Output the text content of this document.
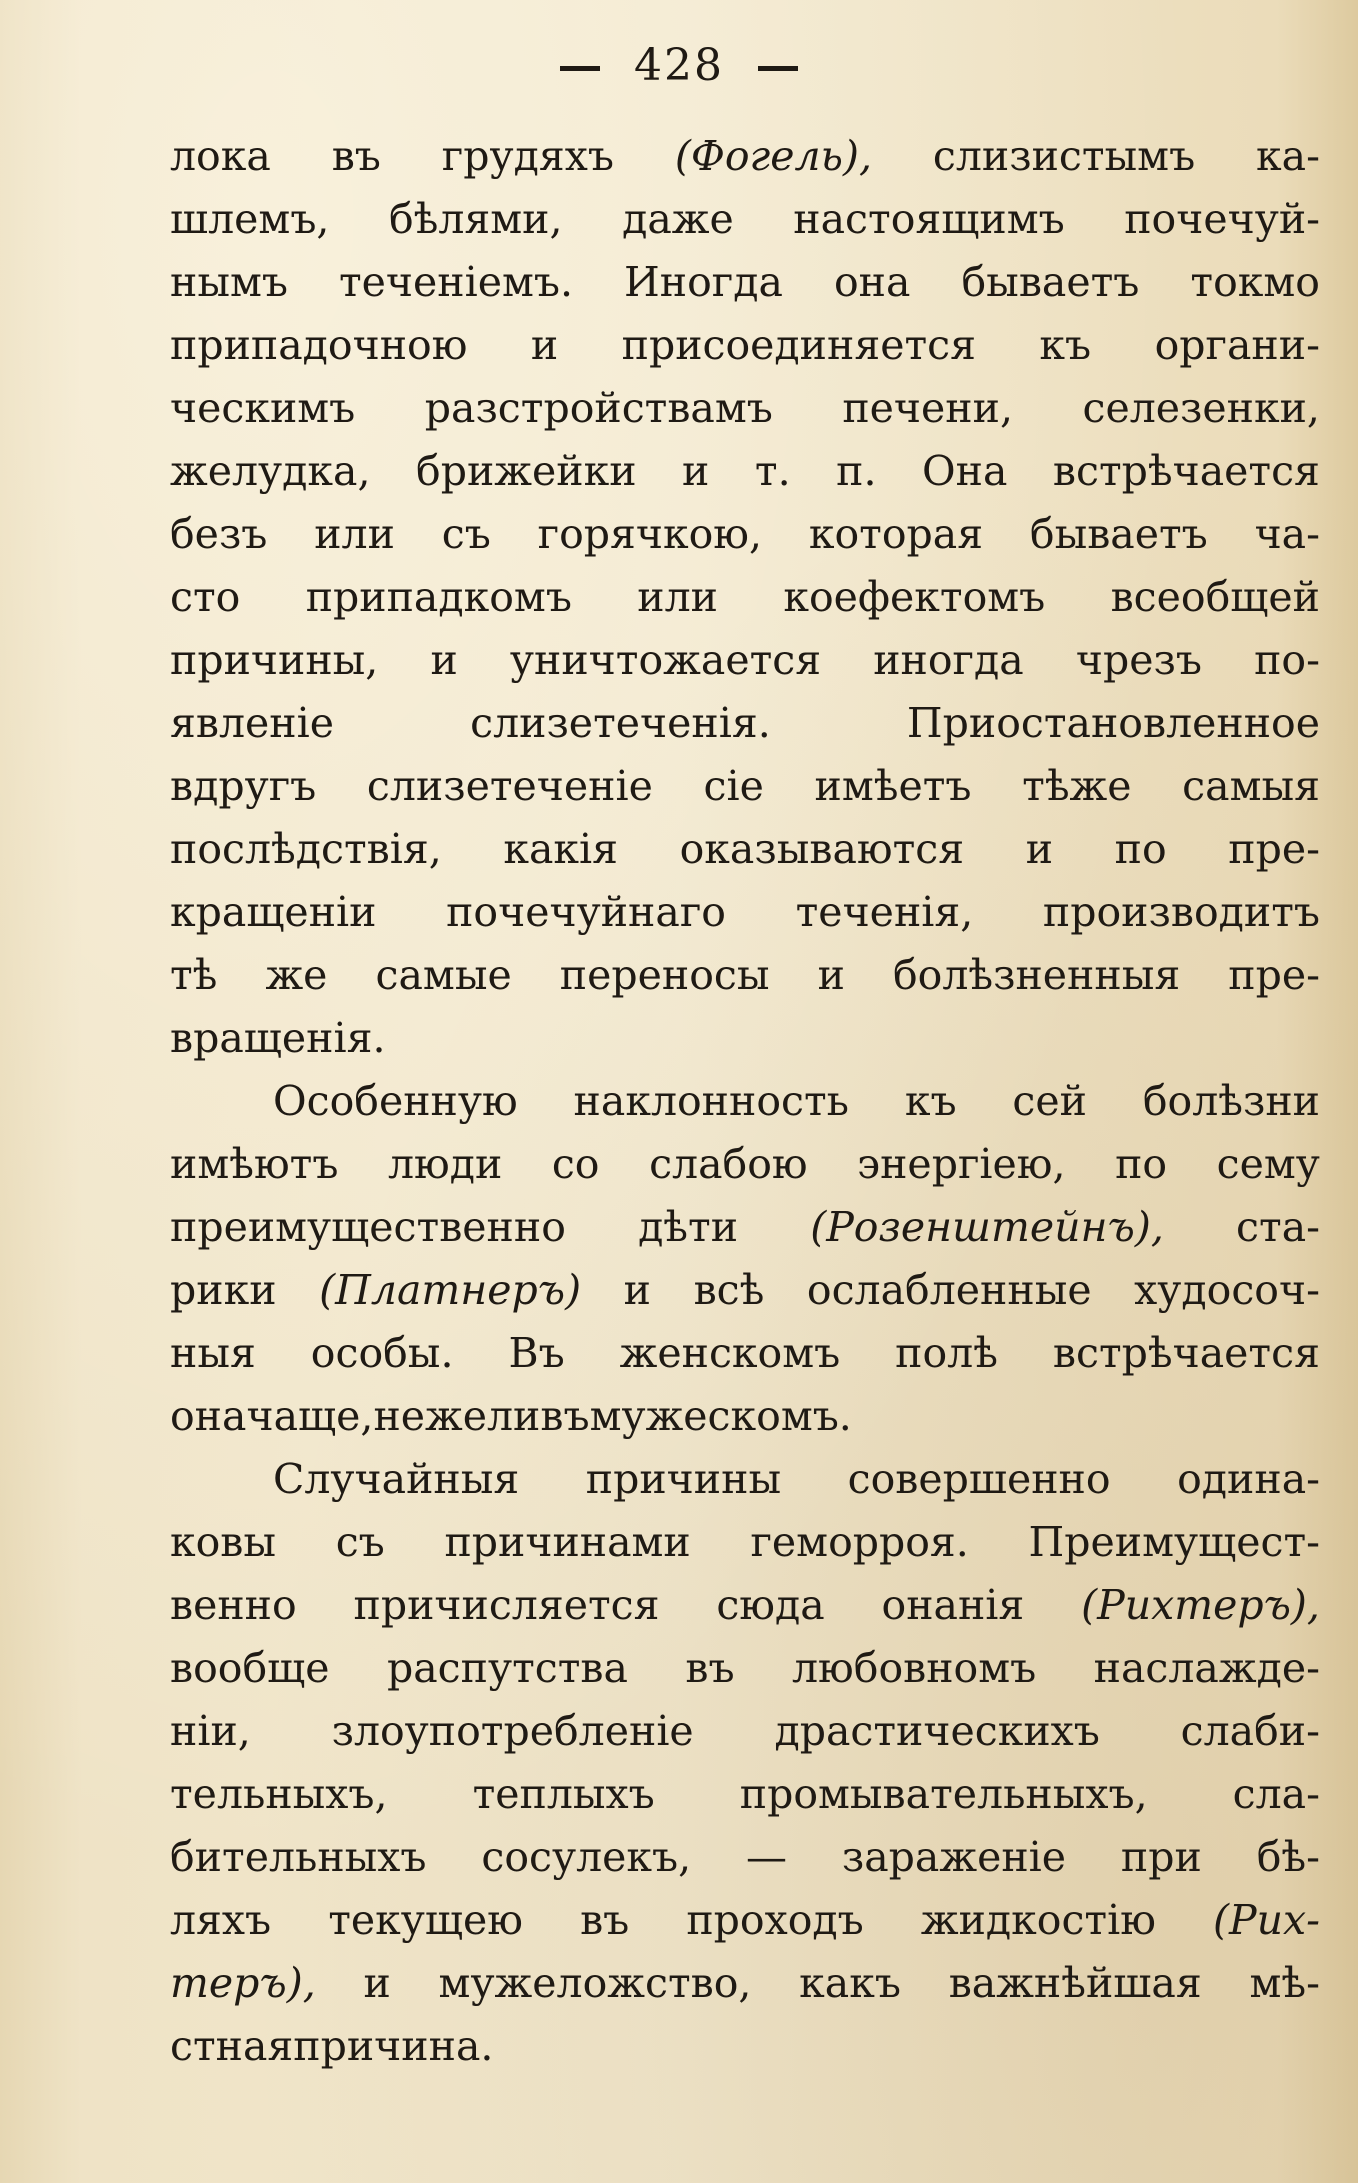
428
лока въ грудяхъ (Фогель), слизистымъ ка-
шлемъ, бѣлями, даже настоящимъ почечуй-
нымъ теченiемъ. Иногда она бываетъ токмо
припадочною и присоединяется къ органи-
ческимъ разстройствамъ печени, селезенки,
желудка, брижейки и т. п. Она встрѣчается
безъ или съ горячкою, которая бываетъ ча-
сто припадкомъ или коефектомъ всеобщей
причины, и уничтожается иногда чрезъ по-
явленiе	слизетеченiя.	Приостановленное
вдругъ слизетеченiе сiе имѣетъ тѣже самыя
послѣдствiя, какiя оказываются и по пре-
кращенiи почечуйнаго теченiя, производитъ
тѣ же самые переносы и болѣзненныя пре-
вращенiя.
Особенную наклонность къ сей болѣзни
имѣютъ люди со слабою энергiею, по сему
преимущественно дѣти (Розенштейнъ), ста-
рики (Платнеръ) и всѣ ослабленные худосоч-
ныя особы. Въ женскомъ полѣ встрѣчается
она чаще, нежели въ мужескомъ.
Случайныя причины совершенно одина-
ковы съ причинами геморроя. Преимущест-
венно причисляется сюда онанiя (Рихтеръ),
вообще распутства въ любовномъ наслажде-
нiи, злоупотребленiе драстическихъ слаби-
тельныхъ, теплыхъ промывательныхъ, сла-
бительныхъ сосулекъ, — зараженiе при бѣ-
ляхъ текущею въ проходъ жидкостiю (Рих-
теръ), и мужеложство, какъ важнѣйшая мѣ-
стная причина.
